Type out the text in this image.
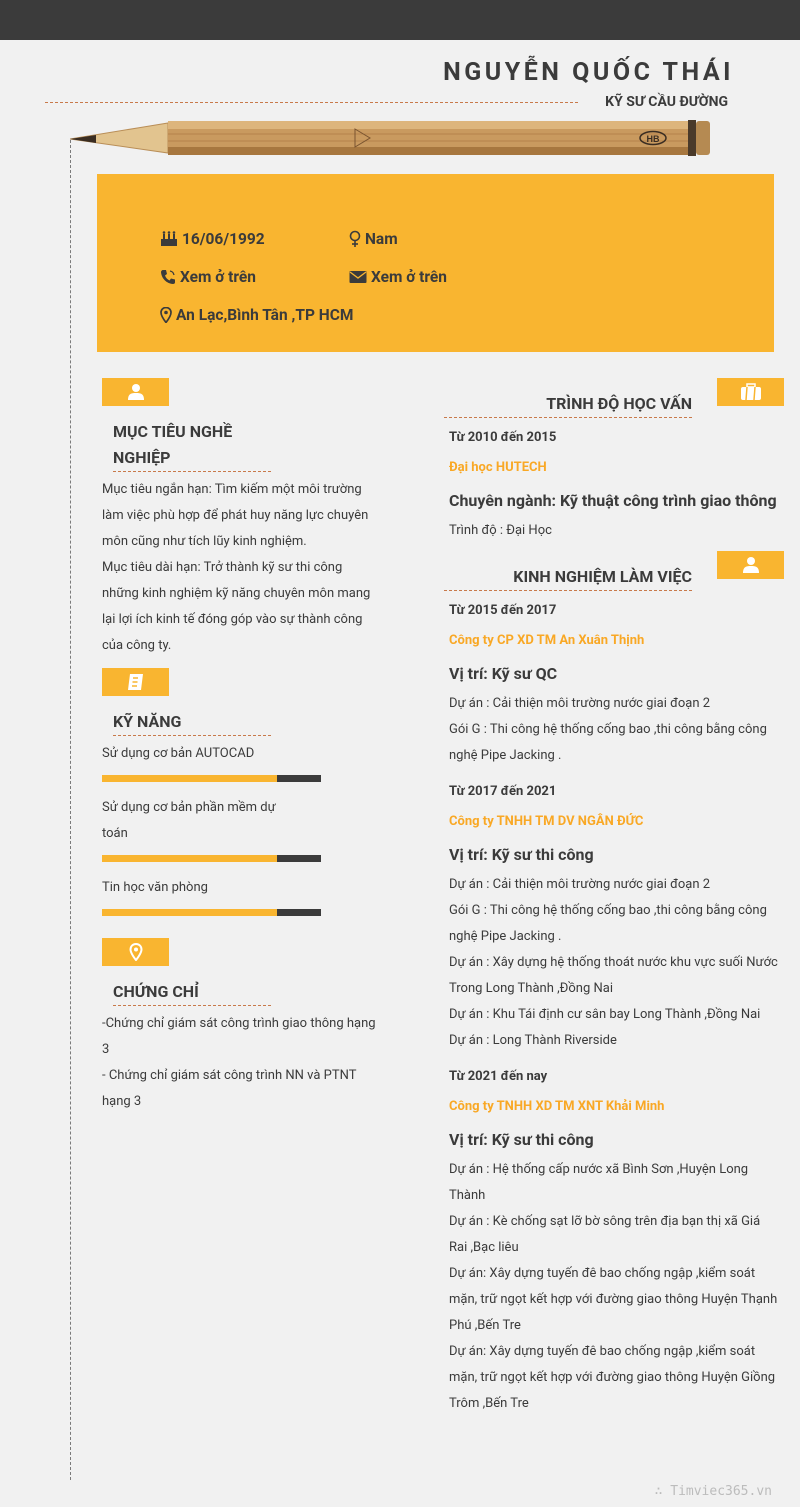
NGUYỄN QUỐC THÁI
KỸ SƯ CẦU ĐƯỜNG
HB
16/06/1992	Nam
Xem ở trên	Xem ở trên
An Lạc,Bình Tân ,TP HCM
MỤC TIÊU NGHỀ
NGHIỆP
Mục tiêu ngắn hạn: Tìm kiếm một môi trường
làm việc phù hợp để phát huy năng lực chuyên
môn cũng như tích lũy kinh nghiệm.
Mục tiêu dài hạn: Trở thành kỹ sư thi công
những kinh nghiệm kỹ năng chuyên môn mang
lại lợi ích kinh tế đóng góp vào sự thành công
của công ty.
KỸ NĂNG
Sử dụng cơ bản AUTOCAD
Sử dụng cơ bản phần mềm dự
toán
Tin học văn phòng
CHỨNG CHỈ
-Chứng chỉ giám sát công trình giao thông hạng
3
- Chứng chỉ giám sát công trình NN và PTNT
hạng 3
TRÌNH ĐỘ HỌC VẤN
Từ 2010 đến 2015
Đại học HUTECH
Chuyên ngành: Kỹ thuật công trình giao thông
Trình độ : Đại Học
KINH NGHIỆM LÀM VIỆC
Từ 2015 đến 2017
Công ty CP XD TM An Xuân Thịnh
Vị trí: Kỹ sư QC
Dự án : Cải thiện môi trường nước giai đoạn 2
Gói G : Thi công hệ thống cống bao ,thi công bằng công
nghệ Pipe Jacking .
Từ 2017 đến 2021
Công ty TNHH TM DV NGÂN ĐỨC
Vị trí: Kỹ sư thi công
Dự án : Cải thiện môi trường nước giai đoạn 2
Gói G : Thi công hệ thống cống bao ,thi công bằng công
nghệ Pipe Jacking .
Dự án : Xây dựng hệ thống thoát nước khu vực suối Nước
Trong Long Thành ,Đồng Nai
Dự án : Khu Tái định cư sân bay Long Thành ,Đồng Nai
Dự án : Long Thành Riverside
Từ 2021 đến nay
Công ty TNHH XD TM XNT Khải Minh
Vị trí: Kỹ sư thi công
Dự án : Hệ thống cấp nước xã Bình Sơn ,Huyện Long
Thành
Dự án : Kè chống sạt lỡ bờ sông trên địa bạn thị xã Giá
Rai ,Bạc liêu
Dự án: Xây dựng tuyến đê bao chống ngập ,kiểm soát
mặn, trữ ngọt kết hợp với đường giao thông Huyện Thạnh
Phú ,Bến Tre
Dự án: Xây dựng tuyến đê bao chống ngập ,kiểm soát
mặn, trữ ngọt kết hợp với đường giao thông Huyện Giồng
Trôm ,Bến Tre
∴ Timviec365.vn
